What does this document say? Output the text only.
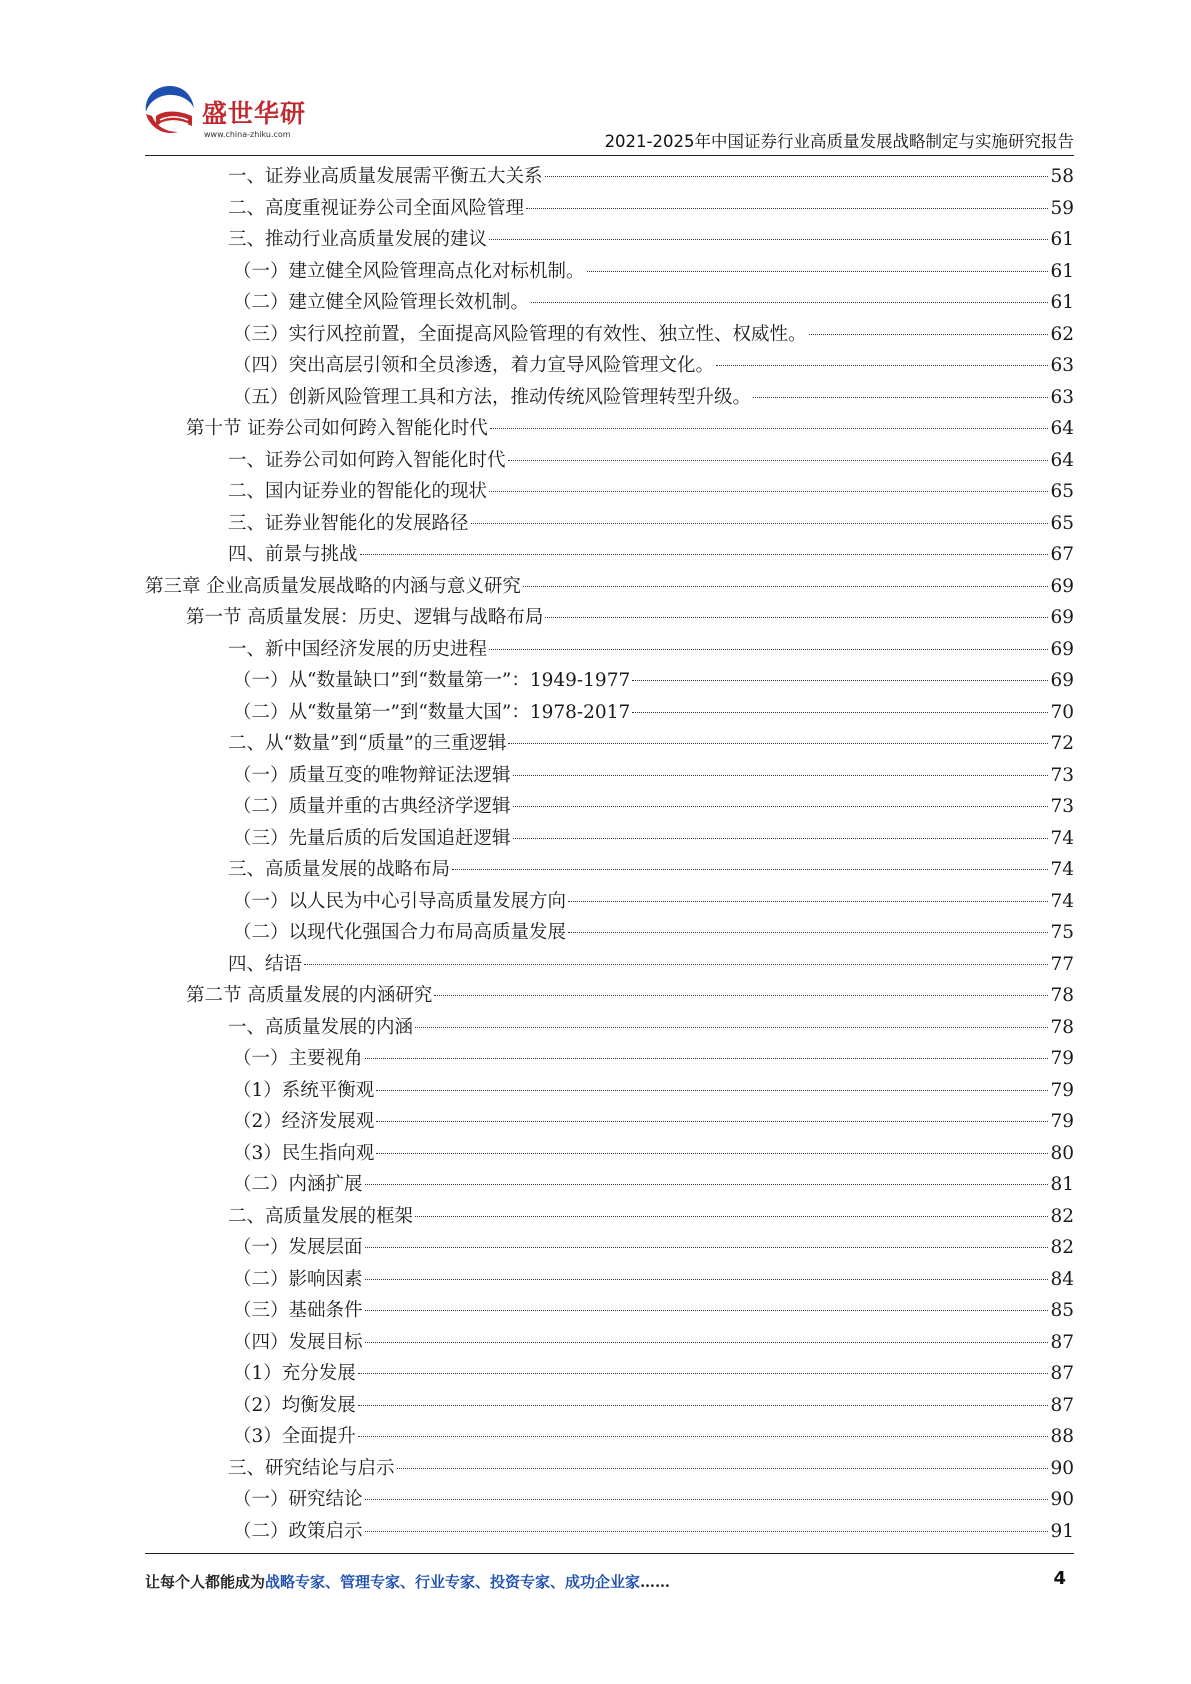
盛世华研
www.china-zhiku.com	2021-2025年中国证券行业高质量发展战略制定与实施研究报告
一、证券业高质量发展需平衡五大关系	58
二、高度重视证券公司全面风险管理	59
三、推动行业高质量发展的建议	61
（一）建立健全风险管理高点化对标机制。	61
（二）建立健全风险管理长效机制。	61
（三）实行风控前置，全面提高风险管理的有效性、独立性、权威性。	62
（四）突出高层引领和全员渗透，着力宣导风险管理文化。	63
（五）创新风险管理工具和方法，推动传统风险管理转型升级。	63
第十节 证券公司如何跨入智能化时代	64
一、证券公司如何跨入智能化时代	64
二、国内证券业的智能化的现状	65
三、证券业智能化的发展路径	65
四、前景与挑战	67
第三章 企业高质量发展战略的内涵与意义研究	69
第一节 高质量发展：历史、逻辑与战略布局	69
一、新中国经济发展的历史进程	69
（一）从“数量缺口”到“数量第一”：1949-1977	69
（二）从“数量第一”到“数量大国”：1978-2017	70
二、从“数量”到“质量”的三重逻辑	72
（一）质量互变的唯物辩证法逻辑	73
（二）质量并重的古典经济学逻辑	73
（三）先量后质的后发国追赶逻辑	74
三、高质量发展的战略布局	74
（一）以人民为中心引导高质量发展方向	74
（二）以现代化强国合力布局高质量发展	75
四、结语	77
第二节 高质量发展的内涵研究	78
一、高质量发展的内涵	78
（一）主要视角	79
（1）系统平衡观	79
（2）经济发展观	79
（3）民生指向观	80
（二）内涵扩展	81
二、高质量发展的框架	82
（一）发展层面	82
（二）影响因素	84
（三）基础条件	85
（四）发展目标	87
（1）充分发展	87
（2）均衡发展	87
（3）全面提升	88
三、研究结论与启示	90
（一）研究结论	90
（二）政策启示	91
让每个人都能成为战略专家、管理专家、行业专家、投资专家、成功企业家……	4
